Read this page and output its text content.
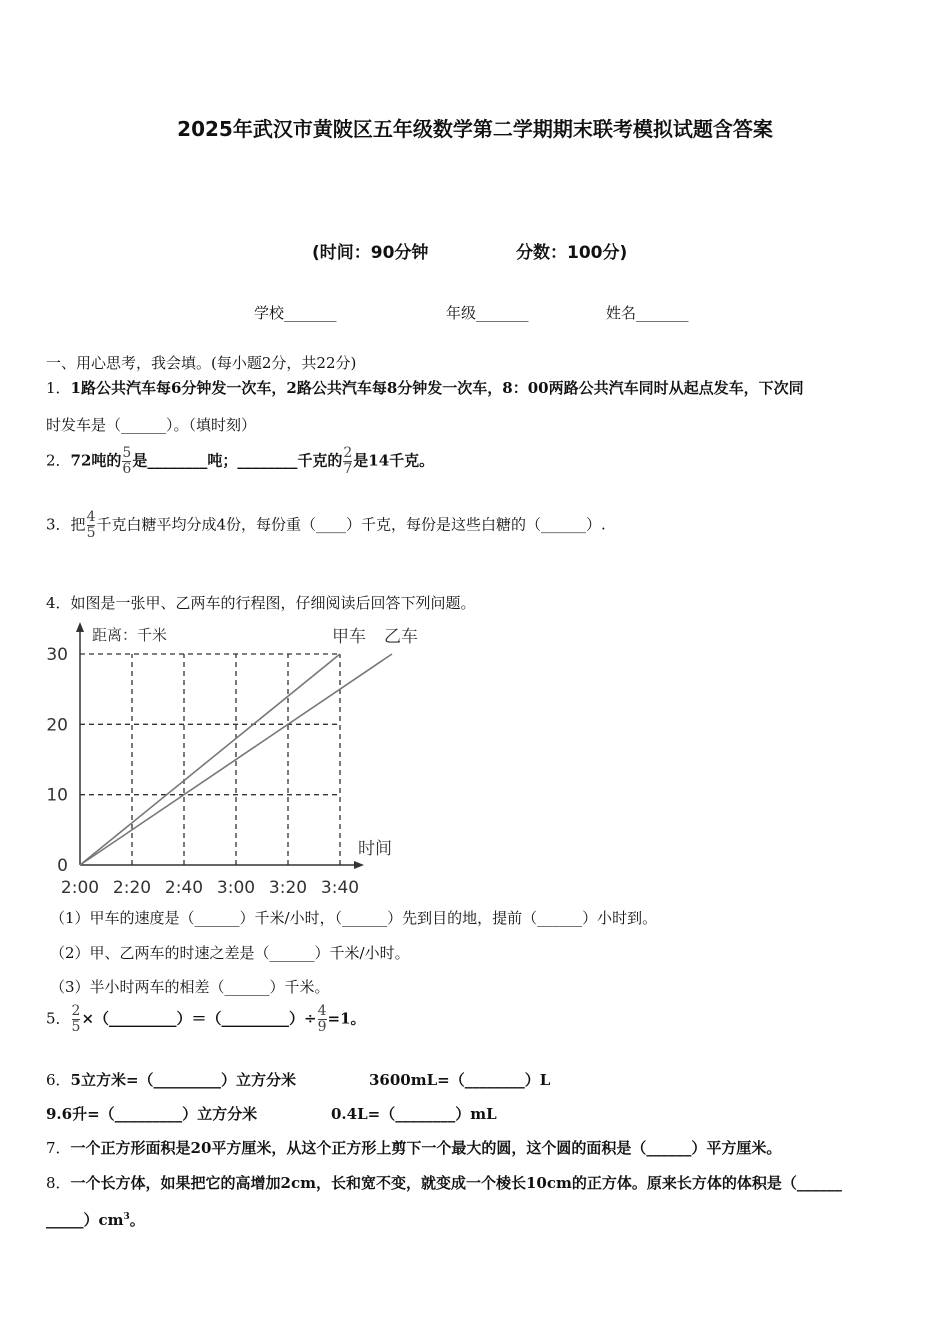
2025年武汉市黄陂区五年级数学第二学期期末联考模拟试题含答案
(时间：90分钟	分数：100分)
学校_______	年级_______	姓名_______
一、用心思考，我会填。(每小题2分，共22分)
1．1路公共汽车每6分钟发一次车，2路公共汽车每8分钟发一次车，8：00两路公共汽车同时从起点发车，下次同
时发车是（______）。（填时刻）
2．72吨的 $\frac{5}{6}$ 是________吨；________千克的 $\frac{2}{7}$ 是14千克。
3．把 $\frac{4}{5}$ 千克白糖平均分成4份，每份重（____）千克，每份是这些白糖的（______）.
4．如图是一张甲、乙两车的行程图，仔细阅读后回答下列问题。
2:00 2:20 2:40 3:00 3:20 3:40
0
10
20
30
距离：千米
时间
甲车 乙车
（1）甲车的速度是（______）千米/小时，（______）先到目的地，提前（______）小时到。
（2）甲、乙两车的时速之差是（______）千米/小时。
（3）半小时两车的相差（______）千米。
5． $\frac{2}{5}$ ×（_________）＝（_________）÷ $\frac{4}{9} =1$。
6．5立方米=（_________）立方分米	3600mL=（________）L
9.6升=（_________）立方分米	0.4L=（________）mL
7．一个正方形面积是20平方厘米，从这个正方形上剪下一个最大的圆，这个圆的面积是（______）平方厘米。
8．一个长方体，如果把它的高增加2cm，长和宽不变，就变成一个棱长10cm的正方体。原来长方体的体积是（______
$\_\_\_\_\_)cm^3$。
